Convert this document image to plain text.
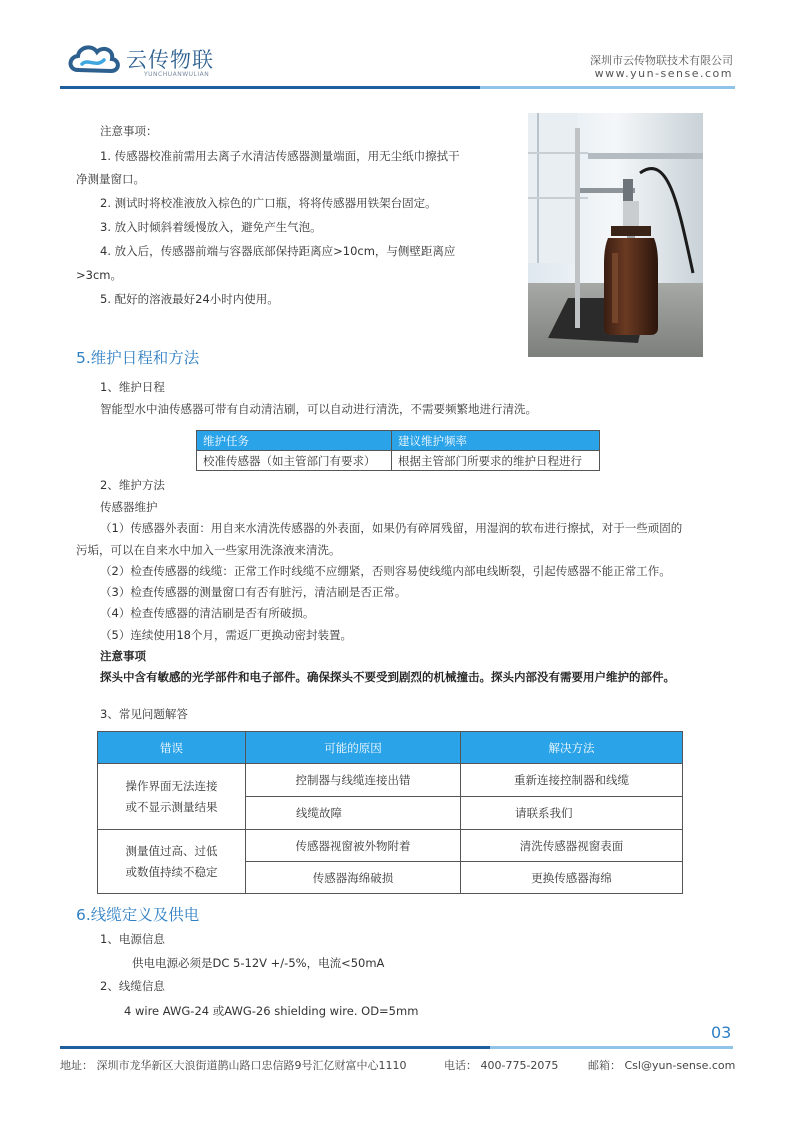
云传物联
YUNCHUANWULIAN
深圳市云传物联技术有限公司
www.yun-sense.com
注意事项：
1. 传感器校准前需用去离子水清洁传感器测量端面，用无尘纸巾擦拭干
净测量窗口。
2. 测试时将校准液放入棕色的广口瓶，将将传感器用铁架台固定。
3. 放入时倾斜着缓慢放入，避免产生气泡。
4. 放入后，传感器前端与容器底部保持距离应>10cm，与侧壁距离应
>3cm。
5. 配好的溶液最好24小时内使用。
5.维护日程和方法
1、维护日程
智能型水中油传感器可带有自动清洁刷，可以自动进行清洗，不需要频繁地进行清洗。
维护任务	建议维护频率
校准传感器（如主管部门有要求）	根据主管部门所要求的维护日程进行
2、维护方法
传感器维护
（1）传感器外表面：用自来水清洗传感器的外表面，如果仍有碎屑残留，用湿润的软布进行擦拭，对于一些顽固的
污垢，可以在自来水中加入一些家用洗涤液来清洗。
（2）检查传感器的线缆：正常工作时线缆不应绷紧，否则容易使线缆内部电线断裂，引起传感器不能正常工作。
（3）检查传感器的测量窗口有否有脏污，清洁刷是否正常。
（4）检查传感器的清洁刷是否有所破损。
（5）连续使用18个月，需返厂更换动密封装置。
注意事项
探头中含有敏感的光学部件和电子部件。确保探头不要受到剧烈的机械撞击。探头内部没有需要用户维护的部件。
3、常见问题解答
错误	可能的原因	解决方法

操作界面无法连接
或不显示测量结果	控制器与线缆连接出错	重新连接控制器和线缆
	线缆故障	请联系我们

测量值过高、过低
或数值持续不稳定	传感器视窗被外物附着	清洗传感器视窗表面
	传感器海绵破损	更换传感器海绵
6.线缆定义及供电
1、电源信息
供电电源必须是DC 5-12V +/-5%，电流<50mA
2、线缆信息
4 wire AWG-24 或AWG-26 shielding wire. OD=5mm
03
地址： 深圳市龙华新区大浪街道鹊山路口忠信路9号汇亿财富中心1110	电话： 400-775-2075	邮箱： Csl@yun-sense.com
